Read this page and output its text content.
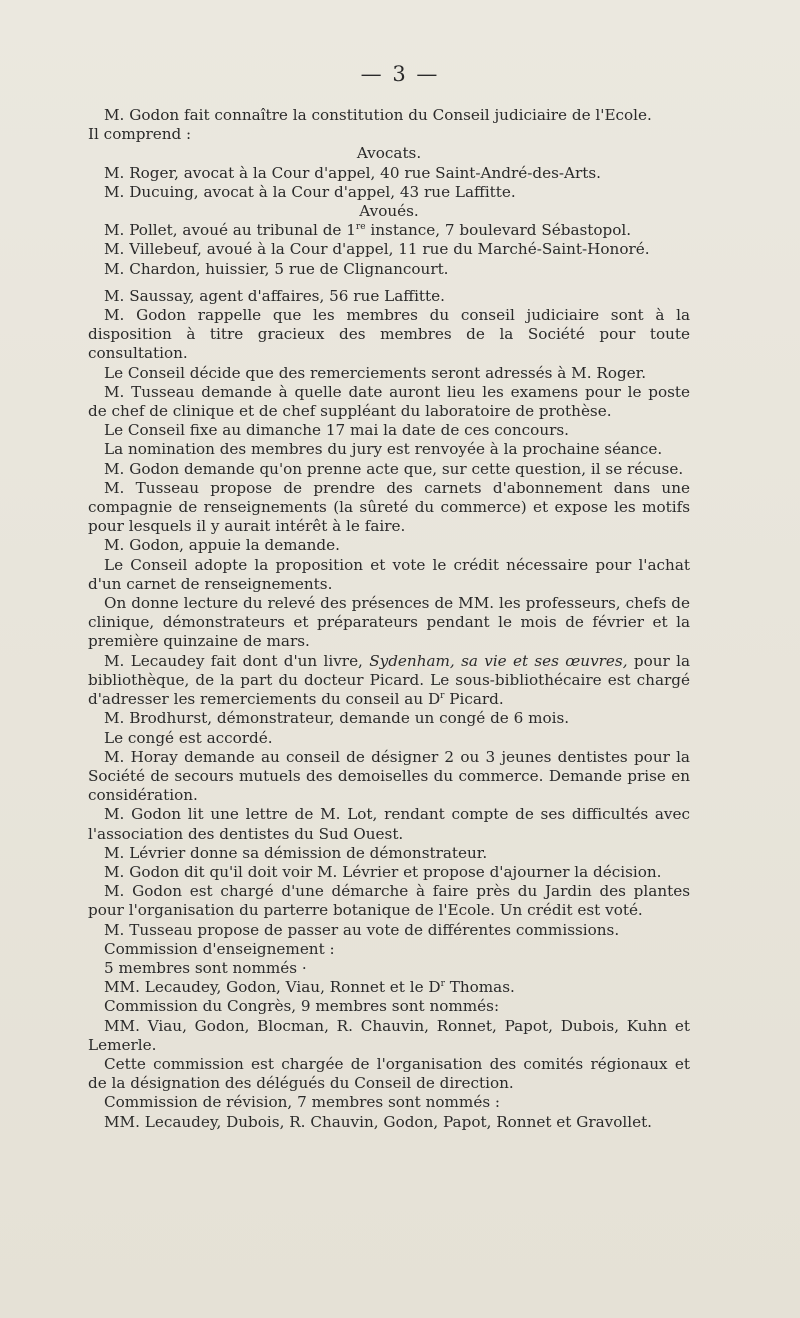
— 3 —

M. Godon fait connaître la constitution du Conseil judiciaire de l'Ecole.

Il comprend :

Avocats.

M. Roger, avocat à la Cour d'appel, 40 rue Saint-André-des-Arts.

M. Ducuing, avocat à la Cour d'appel, 43 rue Laffitte.

Avoués.

M. Pollet, avoué au tribunal de 1re instance, 7 boulevard Sébastopol.

M. Villebeuf, avoué à la Cour d'appel, 11 rue du Marché-Saint-Honoré.

M. Chardon, huissier, 5 rue de Clignancourt.

M. Saussay, agent d'affaires, 56 rue Laffitte.

M. Godon rappelle que les membres du conseil judiciaire sont à la disposition à titre gracieux des membres de la Société pour toute consultation.

Le Conseil décide que des remerciements seront adressés à M. Roger.

M. Tusseau demande à quelle date auront lieu les examens pour le poste de chef de clinique et de chef suppléant du laboratoire de prothèse.

Le Conseil fixe au dimanche 17 mai la date de ces concours.

La nomination des membres du jury est renvoyée à la prochaine séance.

M. Godon demande qu'on prenne acte que, sur cette question, il se récuse.

M. Tusseau propose de prendre des carnets d'abonnement dans une compagnie de renseignements (la sûreté du commerce) et expose les motifs pour lesquels il y aurait intérêt à le faire.

M. Godon, appuie la demande.

Le Conseil adopte la proposition et vote le crédit nécessaire pour l'achat d'un carnet de renseignements.

On donne lecture du relevé des présences de MM. les professeurs, chefs de clinique, démonstrateurs et préparateurs pendant le mois de février et la première quinzaine de mars.

M. Lecaudey fait dont d'un livre, Sydenham, sa vie et ses œuvres, pour la bibliothèque, de la part du docteur Picard. Le sous-bibliothécaire est chargé d'adresser les remerciements du conseil au $D^r$ Picard.

M. Brodhurst, démonstrateur, demande un congé de 6 mois.

Le congé est accordé.

M. Horay demande au conseil de désigner 2 ou 3 jeunes dentistes pour la Société de secours mutuels des demoiselles du commerce. Demande prise en considération.

M. Godon lit une lettre de M. Lot, rendant compte de ses difficultés avec l'association des dentistes du Sud Ouest.

M. Lévrier donne sa démission de démonstrateur.

M. Godon dit qu'il doit voir M. Lévrier et propose d'ajourner la décision.

M. Godon est chargé d'une démarche à faire près du Jardin des plantes pour l'organisation du parterre botanique de l'Ecole. Un crédit est voté.

M. Tusseau propose de passer au vote de différentes commissions.

Commission d'enseignement :

5 membres sont nommés ·

MM. Lecaudey, Godon, Viau, Ronnet et le $D^r$ Thomas.

Commission du Congrès, 9 membres sont nommés:

MM. Viau, Godon, Blocman, R. Chauvin, Ronnet, Papot, Dubois, Kuhn et Lemerle.

Cette commission est chargée de l'organisation des comités régionaux et de la désignation des délégués du Conseil de direction.

Commission de révision, 7 membres sont nommés :

MM. Lecaudey, Dubois, R. Chauvin, Godon, Papot, Ronnet et Gravollet.
